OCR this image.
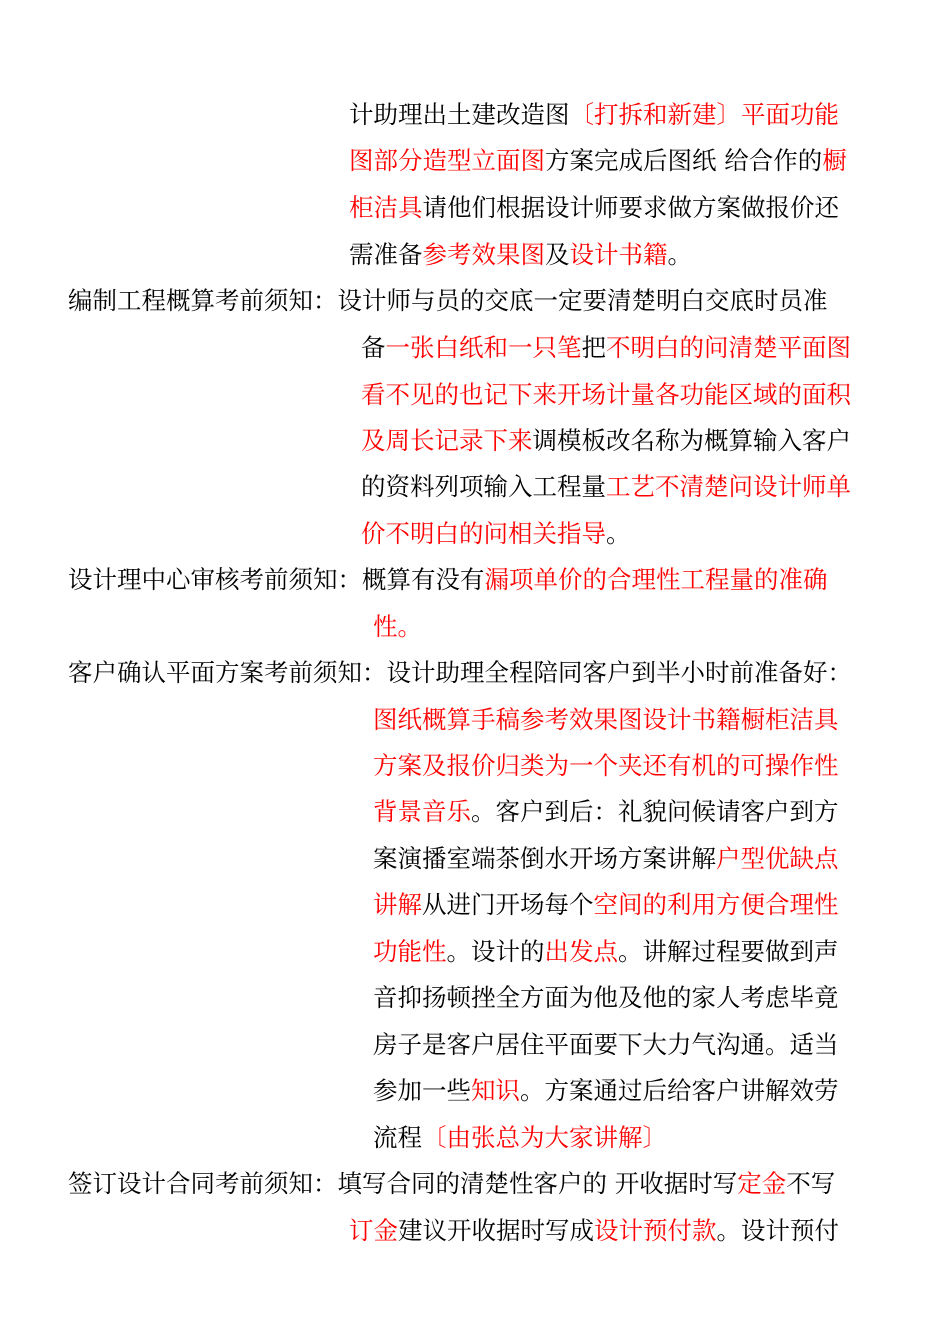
计助理出土建改造图〔打拆和新建〕平面功能
图部分造型立面图方案完成后图纸 给合作的橱
柜洁具请他们根据设计师要求做方案做报价还
需准备参考效果图及设计书籍。
编制工程概算考前须知：设计师与员的交底一定要清楚明白交底时员准
备一张白纸和一只笔把不明白的问清楚平面图
看不见的也记下来开场计量各功能区域的面积
及周长记录下来调模板改名称为概算输入客户
的资料列项输入工程量工艺不清楚问设计师单
价不明白的问相关指导。
设计理中心审核考前须知：概算有没有漏项单价的合理性工程量的准确
性。
客户确认平面方案考前须知：设计助理全程陪同客户到半小时前准备好：
图纸概算手稿参考效果图设计书籍橱柜洁具
方案及报价归类为一个夹还有机的可操作性
背景音乐。客户到后：礼貌问候请客户到方
案演播室端茶倒水开场方案讲解户型优缺点
讲解从进门开场每个空间的利用方便合理性
功能性。设计的出发点。讲解过程要做到声
音抑扬顿挫全方面为他及他的家人考虑毕竟
房子是客户居住平面要下大力气沟通。适当
参加一些知识。方案通过后给客户讲解效劳
流程〔由张总为大家讲解〕
签订设计合同考前须知：填写合同的清楚性客户的 开收据时写定金不写
订金建议开收据时写成设计预付款。设计预付
